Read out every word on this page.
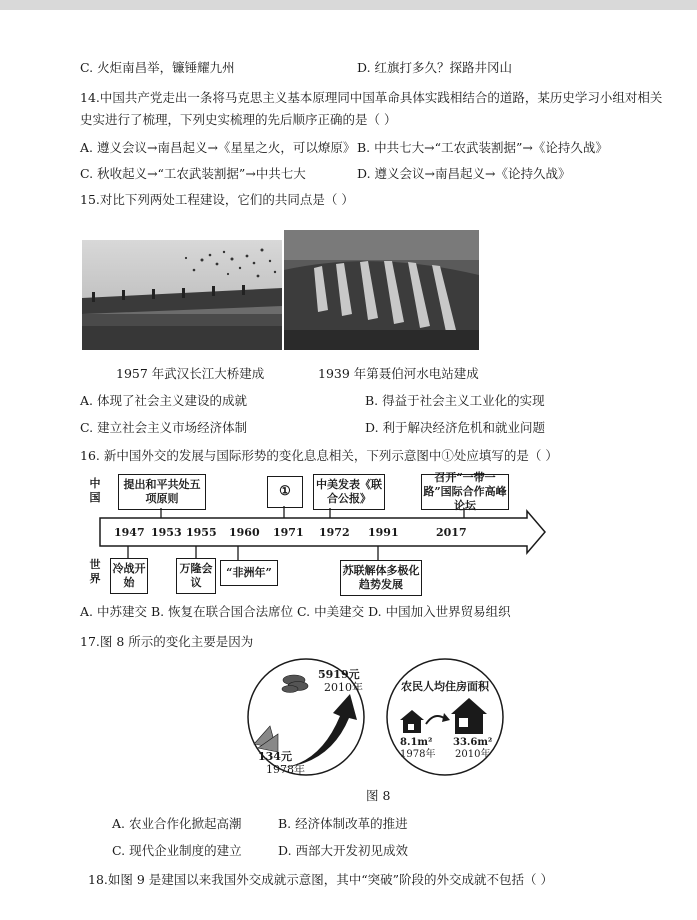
C. 火炬南昌举，镰锤耀九州	D. 红旗打多久？探路井冈山
14.中国共产党走出一条将马克思主义基本原理同中国革命具体实践相结合的道路，某历史学习小组对相关
史实进行了梳理，下列史实梳理的先后顺序正确的是（ ）
A. 遵义会议→南昌起义→《星星之火，可以燎原》 B. 中共七大→“工农武装割据”→《论持久战》
C. 秋收起义→“工农武装割据”→中共七大	D. 遵义会议→南昌起义→《论持久战》
15.对比下列两处工程建设，它们的共同点是（ ）
1957 年武汉长江大桥建成	1939 年第聂伯河水电站建成
A. 体现了社会主义建设的成就	B. 得益于社会主义工业化的实现
C. 建立社会主义市场经济体制	D. 利于解决经济危机和就业问题
16. 新中国外交的发展与国际形势的变化息息相关，下列示意图中①处应填写的是（ ）
中国
世界
提出和平共处五项原则	①	中美发表《联合公报》
召开“一带一路”国际合作高峰论坛
1947 1953 1955 1960 1971 1972 1991	2017
冷战开始
万隆会议
“非洲年”	苏联解体多极化趋势发展
A. 中苏建交 B. 恢复在联合国合法席位 C. 中美建交 D. 中国加入世界贸易组织
17.图 8 所示的变化主要是因为
5919元
2010年
134元
1978年
农民人均住房面积
8.1m²
1978年
33.6m²
2010年
图 8
A. 农业合作化掀起高潮	B. 经济体制改革的推进
C. 现代企业制度的建立	D. 西部大开发初见成效
18.如图 9 是建国以来我国外交成就示意图，其中“突破”阶段的外交成就不包括（ ）
